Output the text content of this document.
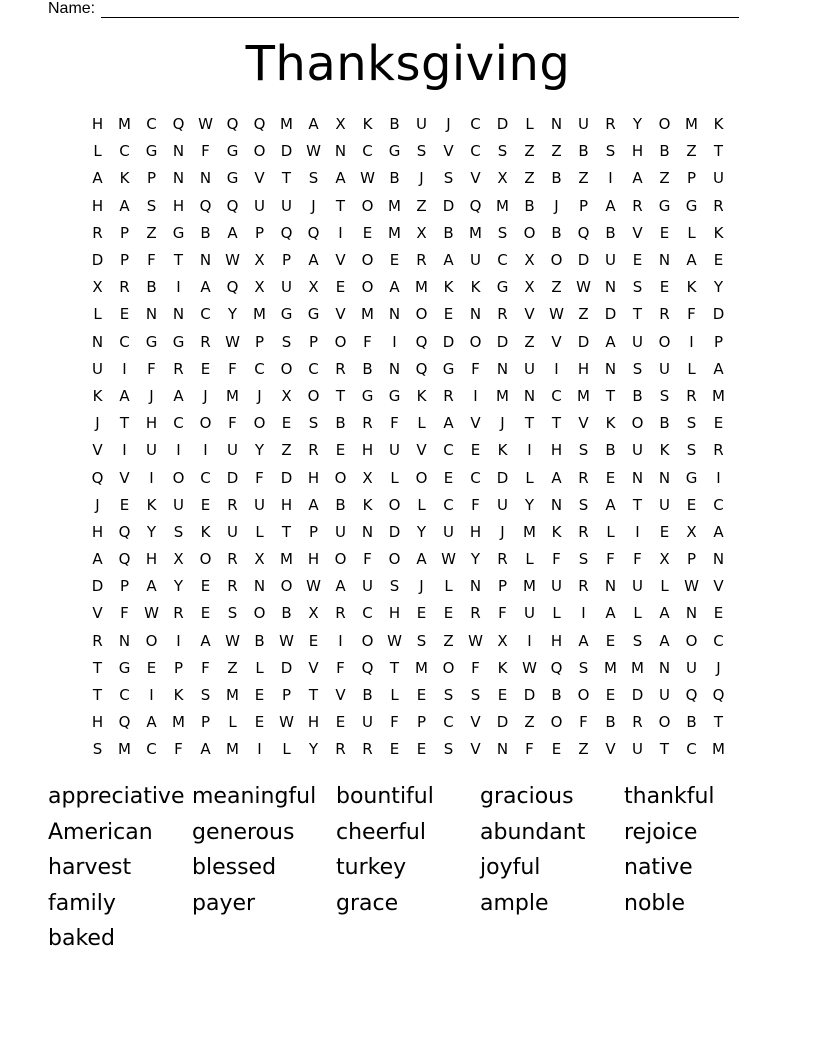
Name:
Thanksgiving
H M	C	Q W Q	Q M	A	X	K	B	U	J	C	D	L	N	U	R	Y	O M	K
L	C	G	N	F	G	O	D W N	C	G	S	V	C	S	Z	Z	B	S	H	B	Z	T
A	K	P	N	N	G	V	T	S	A W B	J	S	V	X	Z	B	Z	I	A	Z	P	U
H	A	S	H	Q	Q	U	U	J	T	O M	Z	D	Q M	B	J	P	A	R	G	G	R
R	P	Z	G	B	A	P	Q	Q	I	E	M	X	B	M	S	O	B	Q	B	V	E	L	K
D	P	F	T	N W X	P	A	V	O	E	R	A	U	C	X	O	D	U	E	N	A	E
X	R	B	I	A	Q	X	U	X	E	O	A	M	K	K	G	X	Z W N	S	E	K	Y
L	E	N	N	C	Y	M G	G	V	M N	O	E	N	R	V W Z	D	T	R	F	D
N	C	G	G	R W	P	S	P	O	F	I	Q	D	O	D	Z	V	D	A	U	O	I	P
U	I	F	R	E	F	C	O	C	R	B	N	Q	G	F	N	U	I	H	N	S	U	L	A
K	A	J	A	J	M	J	X	O	T	G	G	K	R	I	M N	C	M	T	B	S	R	M
J	T	H	C	O	F	O	E	S	B	R	F	L	A	V	J	T	T	V	K	O	B	S	E
V	I	U	I	I	U	Y	Z	R	E	H	U	V	C	E	K	I	H	S	B	U	K	S	R
Q	V	I	O	C	D	F	D	H	O	X	L	O	E	C	D	L	A	R	E	N	N	G	I
J	E	K	U	E	R	U	H	A	B	K	O	L	C	F	U	Y	N	S	A	T	U	E	C
H	Q	Y	S	K	U	L	T	P	U	N	D	Y	U	H	J	M	K	R	L	I	E	X	A
A	Q	H	X	O	R	X	M H	O	F	O	A W Y	R	L	F	S	F	F	X	P	N
D	P	A	Y	E	R	N	O W A	U	S	J	L	N	P	M	U	R	N	U	L	W V
V	F	W R	E	S	O	B	X	R	C	H	E	E	R	F	U	L	I	A	L	A	N	E
R	N	O	I	A W B W E	I	O W S	Z W X	I	H	A	E	S	A	O	C
T	G	E	P	F	Z	L	D	V	F	Q	T	M O	F	K W Q	S	M M N	U	J
T	C	I	K	S	M	E	P	T	V	B	L	E	S	S	E	D	B	O	E	D	U	Q	Q
H	Q	A	M	P	L	E W H	E	U	F	P	C	V	D	Z	O	F	B	R	O	B	T
S	M	C	F	A	M	I	L	Y	R	R	E	E	S	V	N	F	E	Z	V	U	T	C	M
appreciative meaningful bountiful	gracious	thankful
American	generous	cheerful	abundant	rejoice
harvest	blessed	turkey	joyful	native
family	payer	grace	ample	noble
baked
